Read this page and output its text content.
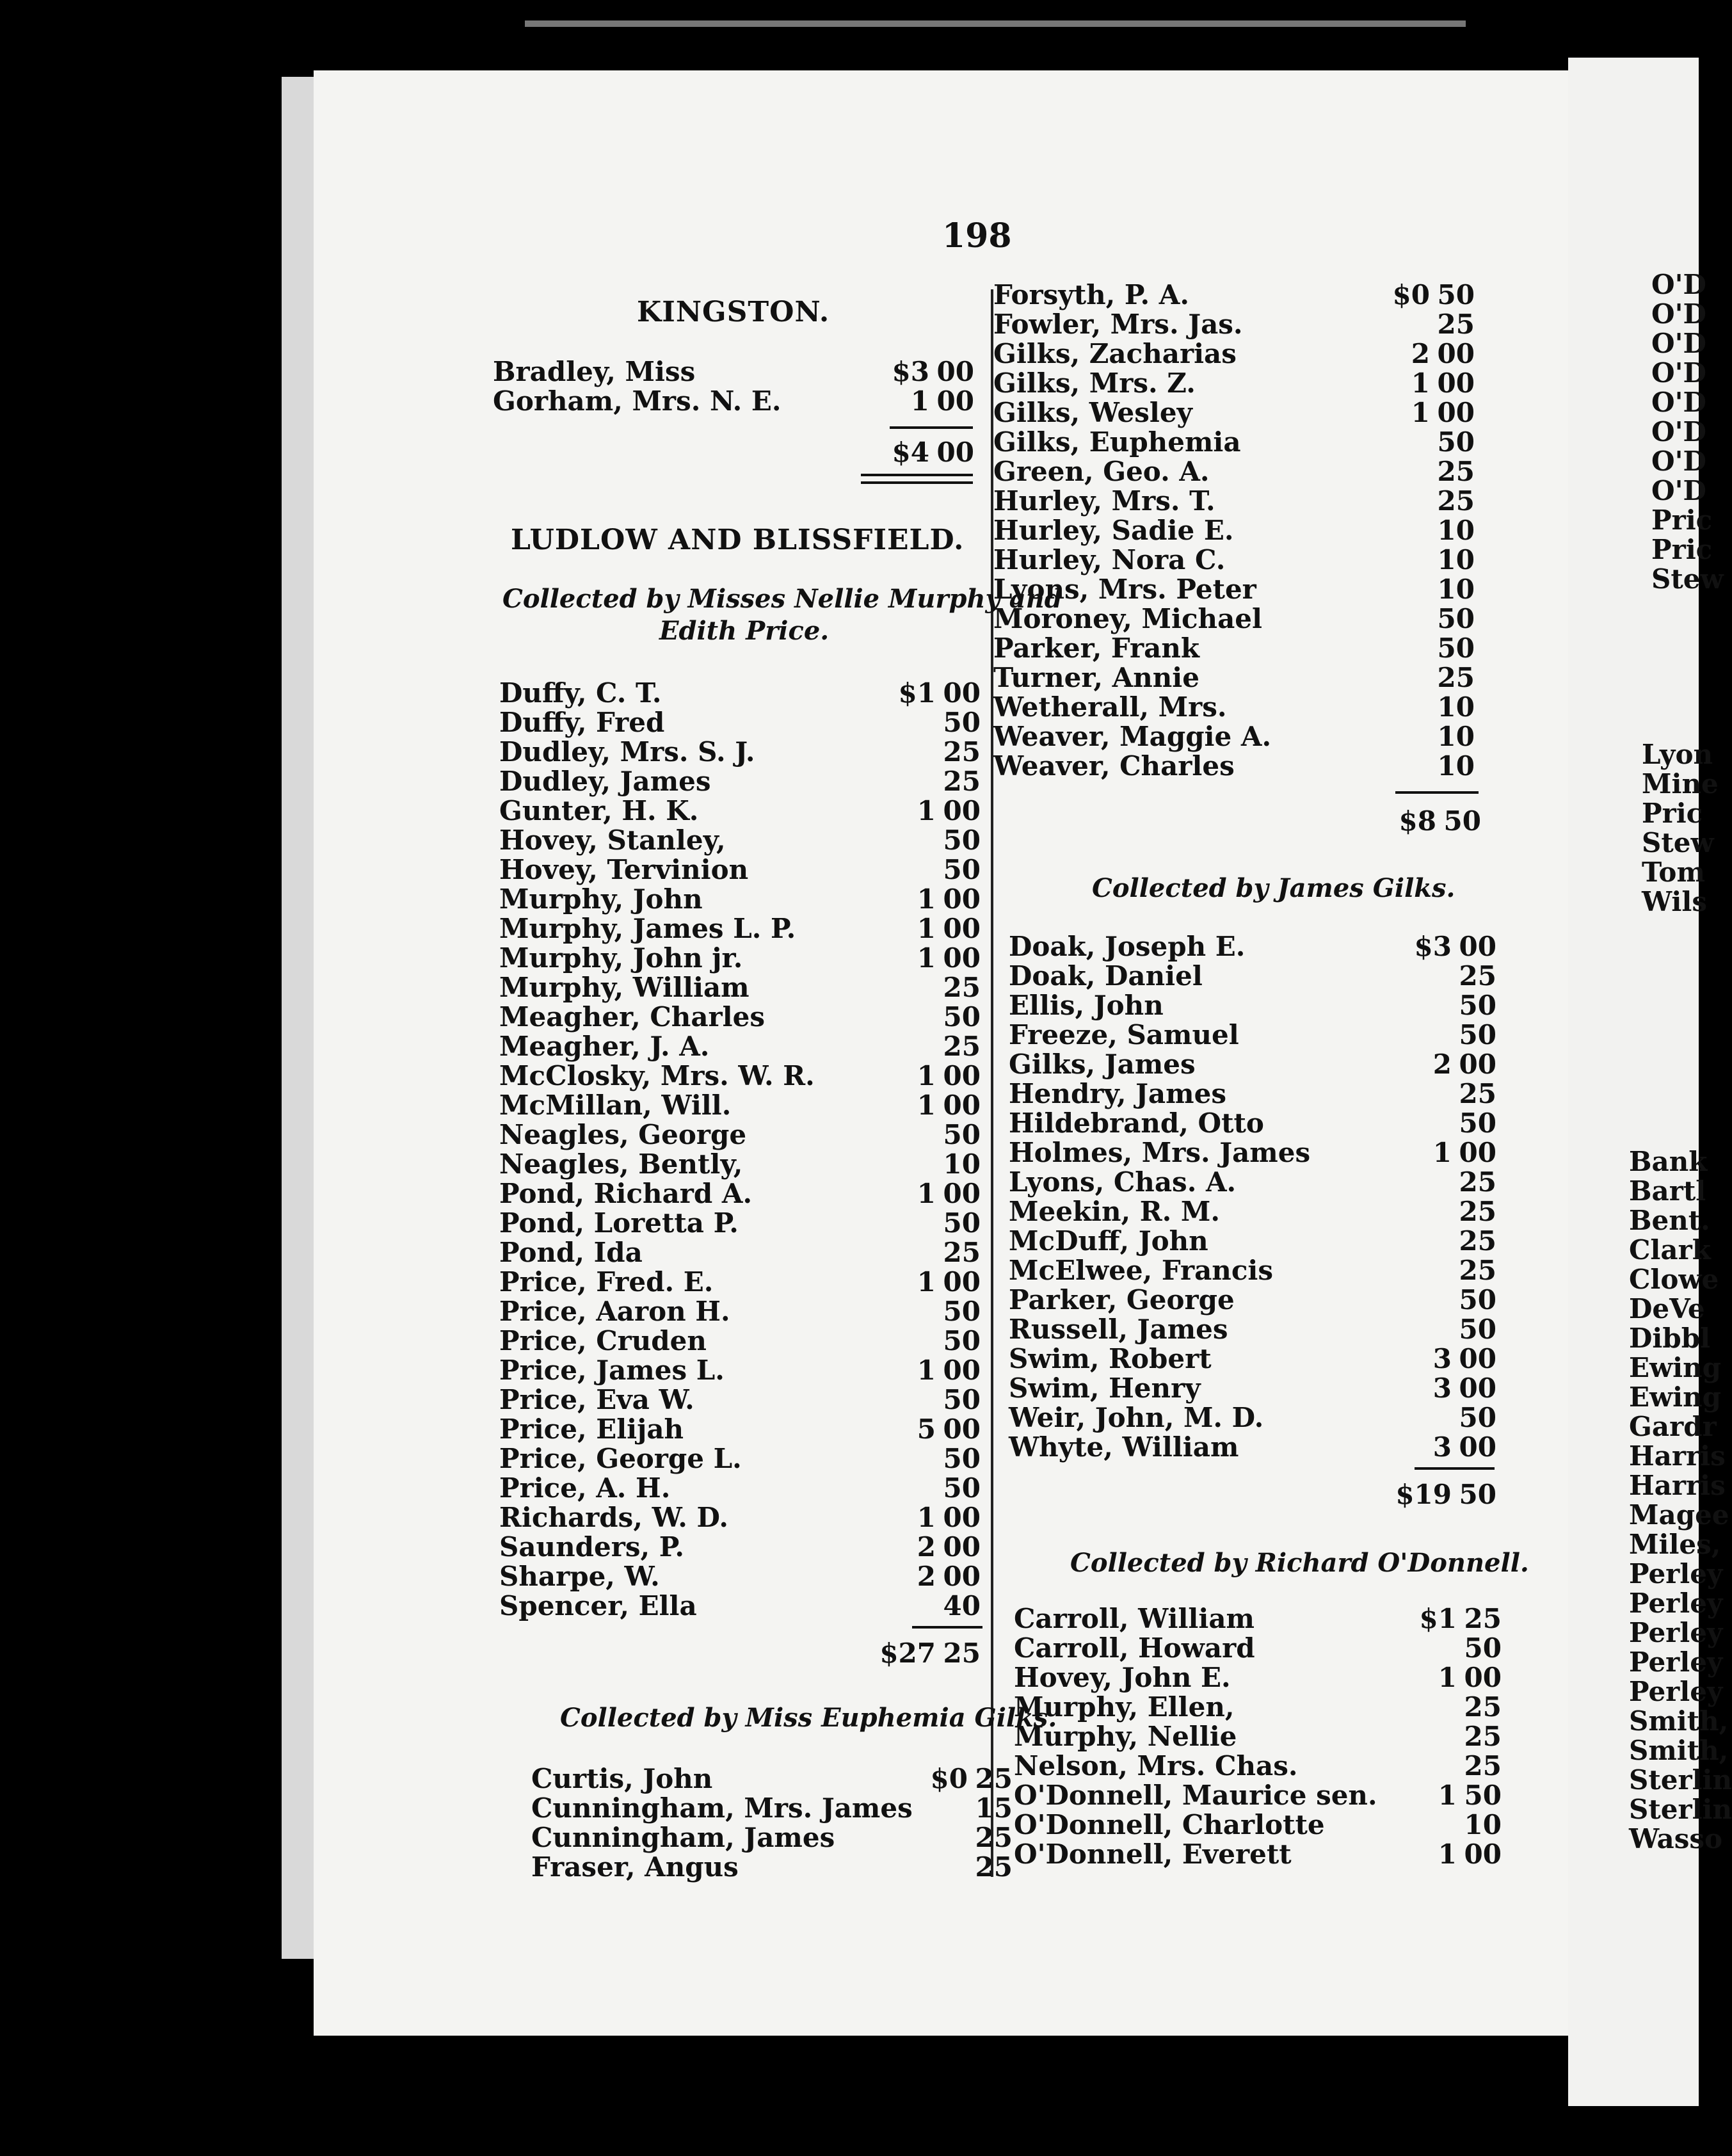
198
KINGSTON.
Bradley, Miss	$3 00
Gorham, Mrs. N. E.	1 00
$4 00
LUDLOW AND BLISSFIELD.
Collected by Misses Nellie Murphy and
Edith Price.
Duffy, C. T.	$1 00
Duffy, Fred	50
Dudley, Mrs. S. J.	25
Dudley, James	25
Gunter, H. K.	1 00
Hovey, Stanley,	50
Hovey, Tervinion	50
Murphy, John	1 00
Murphy, James L. P.	1 00
Murphy, John jr.	1 00
Murphy, William	25
Meagher, Charles	50
Meagher, J. A.	25
McClosky, Mrs. W. R.	1 00
McMillan, Will.	1 00
Neagles, George	50
Neagles, Bently,	10
Pond, Richard A.	1 00
Pond, Loretta P.	50
Pond, Ida	25
Price, Fred. E.	1 00
Price, Aaron H.	50
Price, Cruden	50
Price, James L.	1 00
Price, Eva W.	50
Price, Elijah	5 00
Price, George L.	50
Price, A. H.	50
Richards, W. D.	1 00
Saunders, P.	2 00
Sharpe, W.	2 00
Spencer, Ella	40
$27 25
Collected by Miss Euphemia Gilks.
Curtis, John	$0 25
Cunningham, Mrs. James 15
Cunningham, James	25
Fraser, Angus	25
Forsyth, P. A.	$0 50
Fowler, Mrs. Jas.	25
Gilks, Zacharias	2 00
Gilks, Mrs. Z.	1 00
Gilks, Wesley	1 00
Gilks, Euphemia	50
Green, Geo. A.	25
Hurley, Mrs. T.	25
Hurley, Sadie E.	10
Hurley, Nora C.	10
Lyons, Mrs. Peter	10
Moroney, Michael	50
Parker, Frank	50
Turner, Annie	25
Wetherall, Mrs.	10
Weaver, Maggie A.	10
Weaver, Charles	10
$8 50
Collected by James Gilks.
Doak, Joseph E.	$3 00
Doak, Daniel	25
Ellis, John	50
Freeze, Samuel	50
Gilks, James	2 00
Hendry, James	25
Hildebrand, Otto	50
Holmes, Mrs. James	1 00
Lyons, Chas. A.	25
Meekin, R. M.	25
McDuff, John	25
McElwee, Francis	25
Parker, George	50
Russell, James	50
Swim, Robert	3 00
Swim, Henry	3 00
Weir, John, M. D.	50
Whyte, William	3 00
$19 50
Collected by Richard O'Donnell.
Carroll, William	$1 25
Carroll, Howard	50
Hovey, John E.	1 00
Murphy, Ellen,	25
Murphy, Nellie	25
Nelson, Mrs. Chas.	25
O'Donnell, Maurice sen. 1 50
O'Donnell, Charlotte	10
O'Donnell, Everett	1 00
O'D
O'D
O'D
O'D
O'D
O'D
O'D
O'D
Pric
Pric
Stew
Lyon
Mine
Pric
Stew
Tom
Wils
Bank
Bartl
Bent.
Clark
Clowe
DeVe
Dibbl
Ewing
Ewing
Gardr
Harris
Harris
Magee
Miles,
Perley
Perley
Perley
Perley
Perley
Smith,
Smith,
Sterlin
Sterlin
Wasso
